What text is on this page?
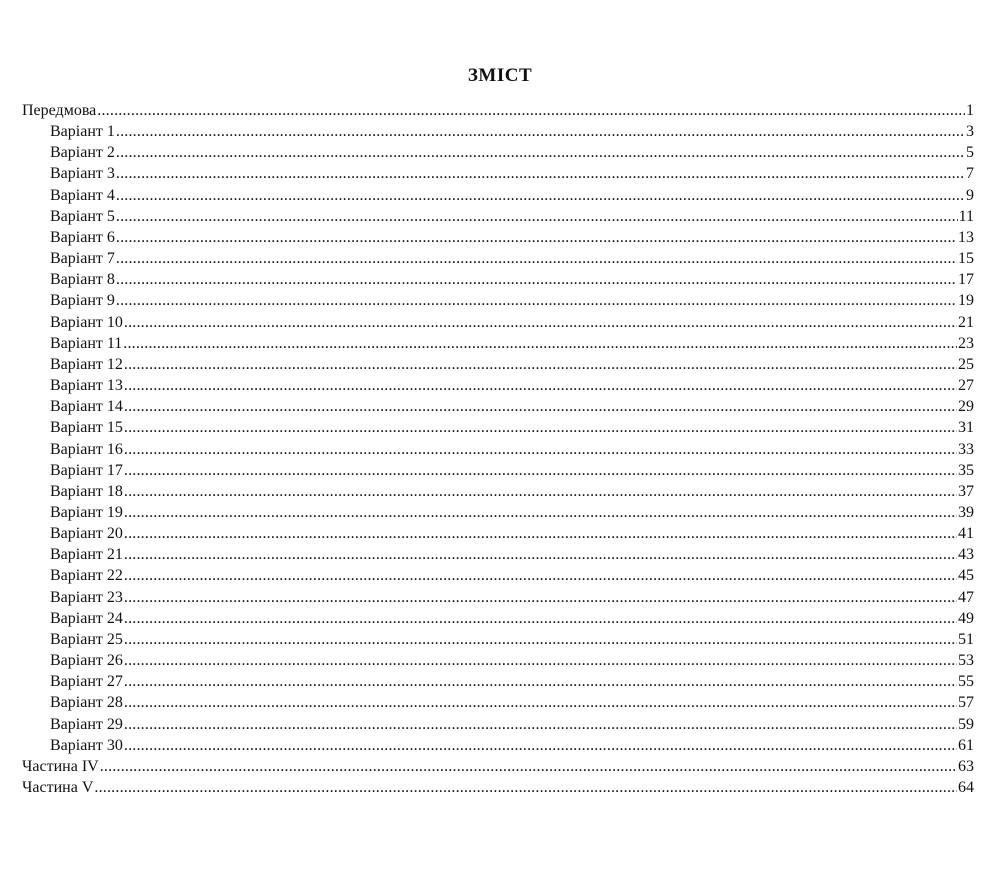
ЗМІСТ
Передмова .....	1
Варіант 1 .....	3
Варіант 2 .....	5
Варіант 3 .....	7
Варіант 4 .....	9
Варіант 5 .....	11
Варіант 6 .....	13
Варіант 7 .....	15
Варіант 8 .....	17
Варіант 9 .....	19
Варіант 10 .....	21
Варіант 11 .....	23
Варіант 12 .....	25
Варіант 13 .....	27
Варіант 14 .....	29
Варіант 15 .....	31
Варіант 16 .....	33
Варіант 17 .....	35
Варіант 18 .....	37
Варіант 19 .....	39
Варіант 20 .....	41
Варіант 21 .....	43
Варіант 22 .....	45
Варіант 23 .....	47
Варіант 24 .....	49
Варіант 25 .....	51
Варіант 26 .....	53
Варіант 27 .....	55
Варіант 28 .....	57
Варіант 29 .....	59
Варіант 30 .....	61
Частина IV .....	63
Частина V .....	64
